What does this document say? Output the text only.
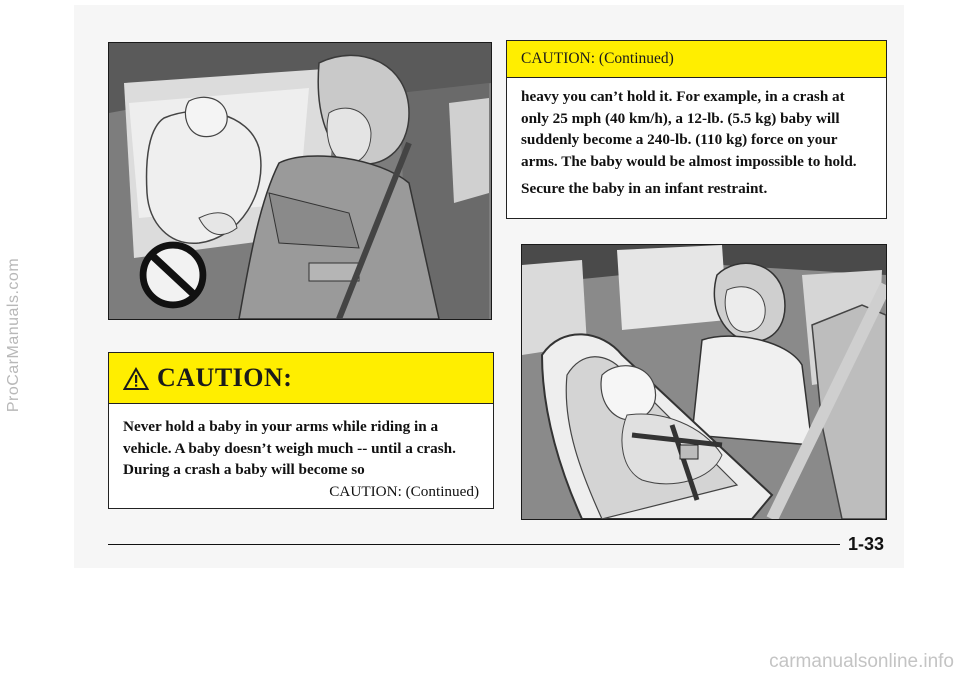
ProCarManuals.com	CAUTION:

Never hold a baby in your arms while riding in a vehicle. A baby doesn’t weigh much -- until a crash. During a crash a baby will become so

CAUTION: (Continued)
CAUTION: (Continued)

heavy you can’t hold it. For example, in a crash at only 25 mph (40 km/h), a 12-lb. (5.5 kg) baby will suddenly become a 240-lb. (110 kg) force on your arms. The baby would be almost impossible to hold.

Secure the baby in an infant restraint.

1-33
carmanualsonline.info
